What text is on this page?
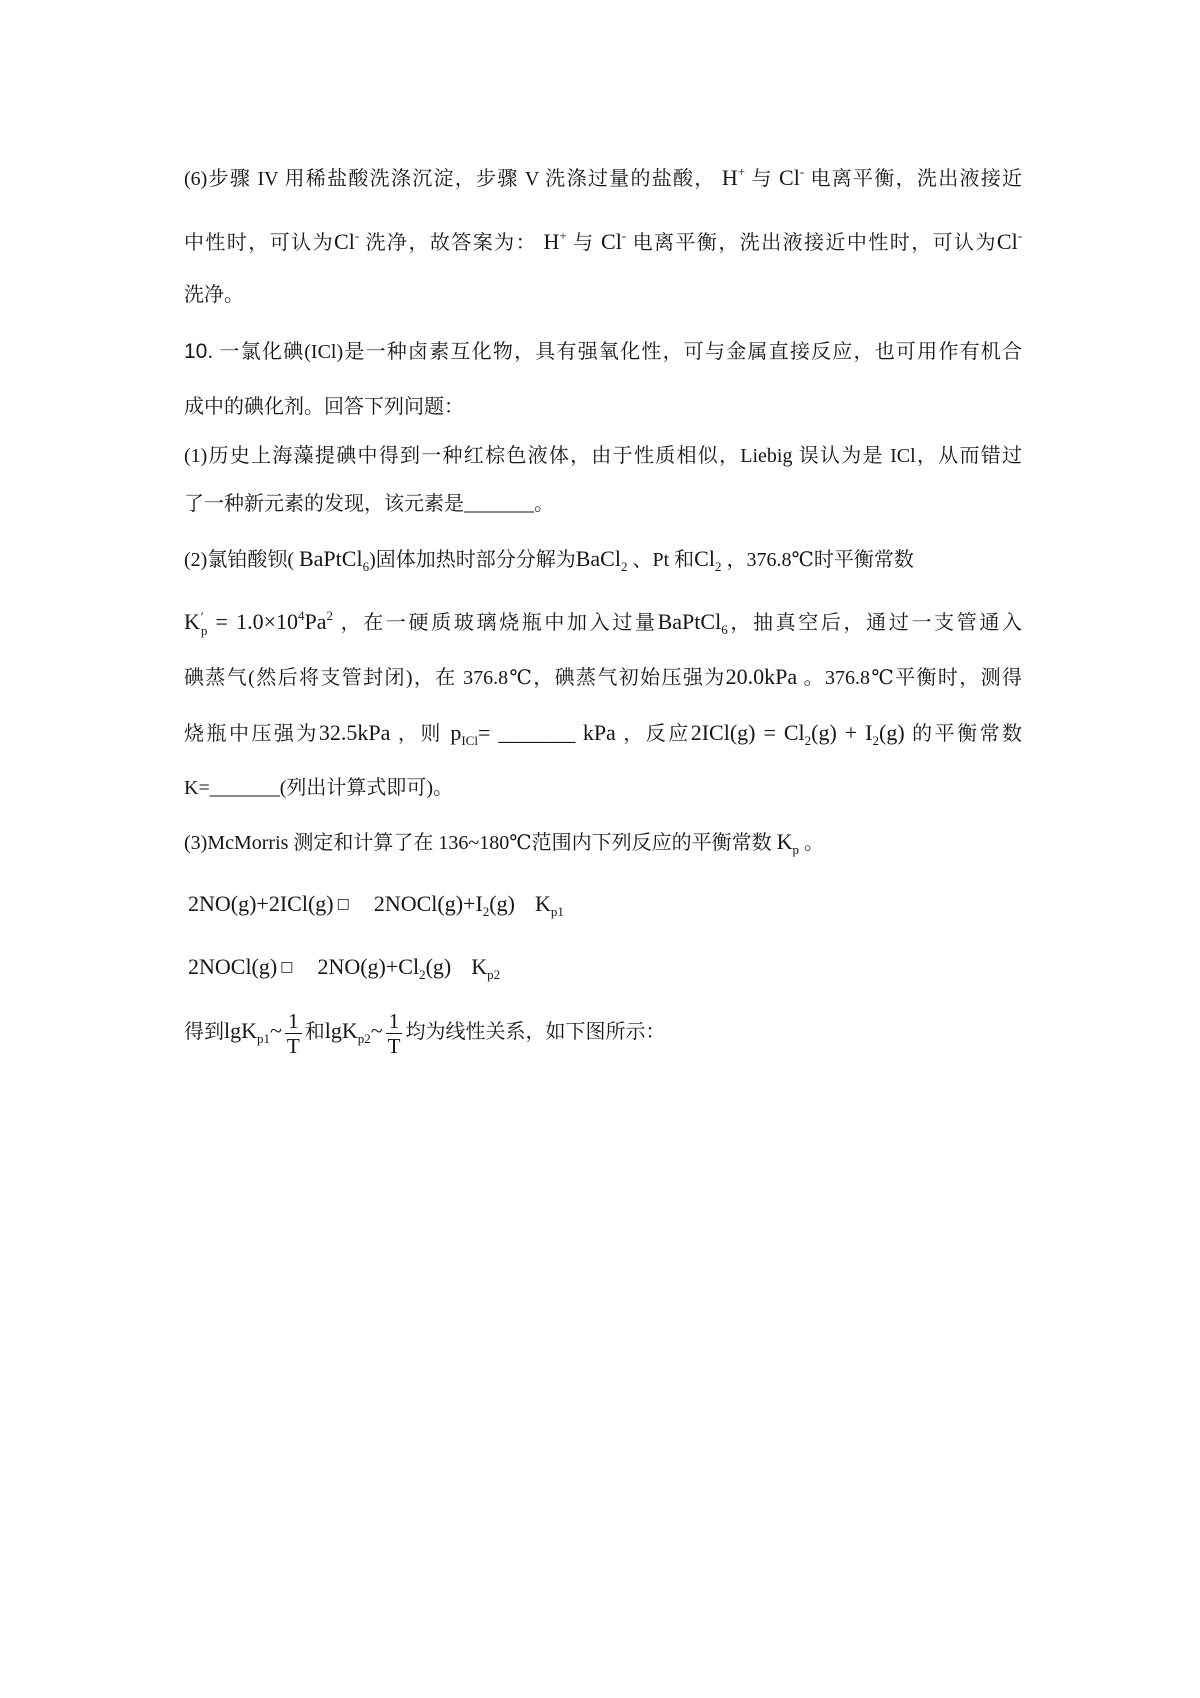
(6)步骤 IV 用稀盐酸洗涤沉淀，步骤 V 洗涤过量的盐酸， H+ 与 Cl- 电离平衡，洗出液接近
中性时，可认为Cl- 洗净，故答案为： H+ 与 Cl- 电离平衡，洗出液接近中性时，可认为Cl-
洗净。
10. 一氯化碘(ICl)是一种卤素互化物，具有强氧化性，可与金属直接反应，也可用作有机合
成中的碘化剂。回答下列问题：
(1)历史上海藻提碘中得到一种红棕色液体，由于性质相似，Liebig 误认为是 ICl，从而错过
了一种新元素的发现，该元素是_______。
(2)氯铂酸钡( BaPtCl$_6$)固体加热时部分分解为BaCl$_2$ 、Pt 和$Cl_2$ ，376.8℃时平衡常数
K ′
$p = 1.0\times 10^4Pa^2$ ，在一硬质玻璃烧瓶中加入过量BaPtCl$_6$，抽真空后，通过一支管通入
碘蒸气(然后将支管封闭)，在 376.8℃，碘蒸气初始压强为20.0kPa 。376.8℃平衡时，测得
烧瓶中压强为32.5kPa ，则 $p_{ICl}=$ _______ kPa ，反应$2ICl(g) = Cl_2(g) + I_2(g)$ 的平衡常数
K=_______(列出计算式即可)。
(3)McMorris 测定和计算了在 136~180℃范围内下列反应的平衡常数 $K_p$ 。
2NO(g)+2ICl(g) □ $2NOCl(g)+I_2(g)$ $K_{p1}$
2NOCl(g) □ $2NO(g)+Cl_2(g)$ $K_{p2}$
得到lgK$_{p1}$~ $\frac{1}{T}$ 和lgK$_{p2}$~ $\frac{1}{T}$ 均为线性关系，如下图所示：
